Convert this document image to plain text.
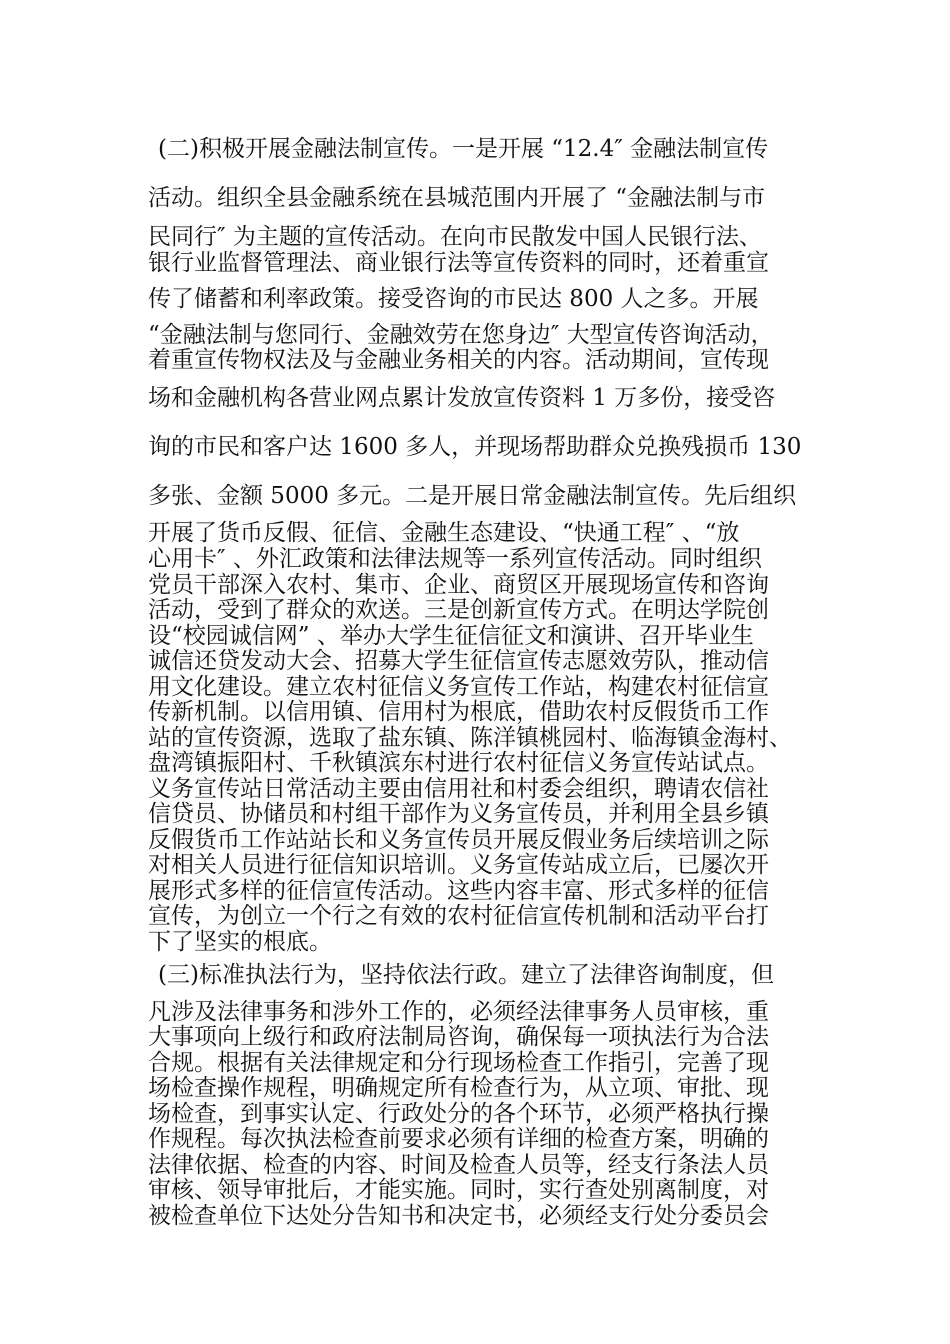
(二)积极开展金融法制宣传。一是开展 “12.4″ 金融法制宣传

活动。组织全县金融系统在县城范围内开展了 “金融法制与市

民同行″ 为主题的宣传活动。在向市民散发中国人民银行法、

银行业监督管理法、商业银行法等宣传资料的同时，还着重宣

传了储蓄和利率政策。接受咨询的市民达 800 人之多。开展

“金融法制与您同行、金融效劳在您身边″ 大型宣传咨询活动，

着重宣传物权法及与金融业务相关的内容。活动期间，宣传现

场和金融机构各营业网点累计发放宣传资料 1 万多份，接受咨

询的市民和客户达 1600 多人，并现场帮助群众兑换残损币 130

多张、金额 5000 多元。二是开展日常金融法制宣传。先后组织

开展了货币反假、征信、金融生态建设、“快通工程″ 、“放

心用卡″ 、外汇政策和法律法规等一系列宣传活动。同时组织

党员干部深入农村、集市、企业、商贸区开展现场宣传和咨询

活动，受到了群众的欢送。三是创新宣传方式。在明达学院创

设“校园诚信网” 、举办大学生征信征文和演讲、召开毕业生

诚信还贷发动大会、招募大学生征信宣传志愿效劳队，推动信

用文化建设。建立农村征信义务宣传工作站，构建农村征信宣

传新机制。以信用镇、信用村为根底，借助农村反假货币工作

站的宣传资源，选取了盐东镇、陈洋镇桃园村、临海镇金海村、

盘湾镇振阳村、千秋镇滨东村进行农村征信义务宣传站试点。

义务宣传站日常活动主要由信用社和村委会组织，聘请农信社

信贷员、协储员和村组干部作为义务宣传员，并利用全县乡镇

反假货币工作站站长和义务宣传员开展反假业务后续培训之际

对相关人员进行征信知识培训。义务宣传站成立后，已屡次开

展形式多样的征信宣传活动。这些内容丰富、形式多样的征信

宣传，为创立一个行之有效的农村征信宣传机制和活动平台打

下了坚实的根底。

(三)标准执法行为，坚持依法行政。建立了法律咨询制度，但

凡涉及法律事务和涉外工作的，必须经法律事务人员审核，重

大事项向上级行和政府法制局咨询，确保每一项执法行为合法

合规。根据有关法律规定和分行现场检查工作指引，完善了现

场检查操作规程，明确规定所有检查行为，从立项、审批、现

场检查，到事实认定、行政处分的各个环节，必须严格执行操

作规程。每次执法检查前要求必须有详细的检查方案，明确的

法律依据、检查的内容、时间及检查人员等，经支行条法人员

审核、领导审批后，才能实施。同时，实行查处别离制度，对

被检查单位下达处分告知书和决定书，必须经支行处分委员会
